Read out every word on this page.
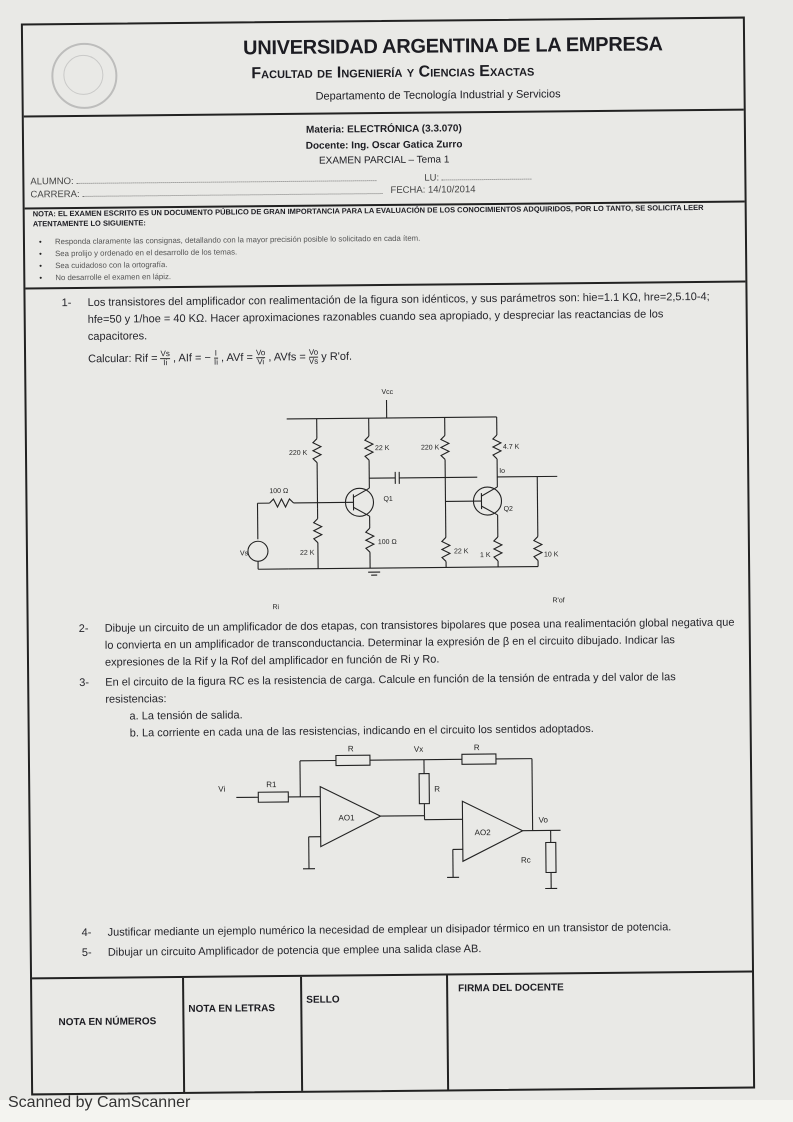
UNIVERSIDAD ARGENTINA DE LA EMPRESA
Facultad de Ingeniería y Ciencias Exactas
Departamento de Tecnología Industrial y Servicios
Materia: ELECTRÓNICA (3.3.070)
Docente: Ing. Oscar Gatica Zurro
EXAMEN PARCIAL – Tema 1
ALUMNO:	LU:
CARRERA:	FECHA: 14/10/2014
NOTA: EL EXAMEN ESCRITO ES UN DOCUMENTO PÚBLICO DE GRAN IMPORTANCIA PARA LA EVALUACIÓN DE LOS CONOCIMIENTOS ADQUIRIDOS, POR LO TANTO, SE SOLICITA LEER ATENTAMENTE LO SIGUIENTE:
• Responda claramente las consignas, detallando con la mayor precisión posible lo solicitado en cada ítem.
• Sea prolijo y ordenado en el desarrollo de los temas.
• Sea cuidadoso con la ortografía.
• No desarrolle el examen en lápiz.
1- Los transistores del amplificador con realimentación de la figura son idénticos, y sus parámetros son: hie=1.1 KΩ, hre=2,5.10-4; hfe=50 y 1/hoe = 40 KΩ. Hacer aproximaciones razonables cuando sea apropiado, y despreciar las reactancias de los capacitores.
Calcular: Rif = $\frac{Vs}{Ii}$ , AIf = − $\frac{I}{Ii}$ , AVf = $\frac{Vo}{Vi}$ , AVfs = $\frac{Vo}{Vs}$ y R'of.
Vcc
220 K
22 K
22 K
Q1
100 Ω
220 K
22 K
4.7 K
Io
Q2
1 K	10 K
100 Ω
Vs
Ri
R'of
2- Dibuje un circuito de un amplificador de dos etapas, con transistores bipolares que posea una realimentación global negativa que lo convierta en un amplificador de transconductancia. Determinar la expresión de β en el circuito dibujado. Indicar las expresiones de la Rif y la Rof del amplificador en función de Ri y Ro.
3- En el circuito de la figura RC es la resistencia de carga. Calcule en función de la tensión de entrada y del valor de las resistencias:
a. La tensión de salida.
b. La corriente en cada una de las resistencias, indicando en el circuito los sentidos adoptados.
Vi	R1
R	Vx
R
R
AO1
AO2
Vo
Rc
4- Justificar mediante un ejemplo numérico la necesidad de emplear un disipador térmico en un transistor de potencia.
5- Dibujar un circuito Amplificador de potencia que emplee una salida clase AB.
NOTA EN NÚMEROS
NOTA EN LETRAS
SELLO
FIRMA DEL DOCENTE
Scanned by CamScanner
